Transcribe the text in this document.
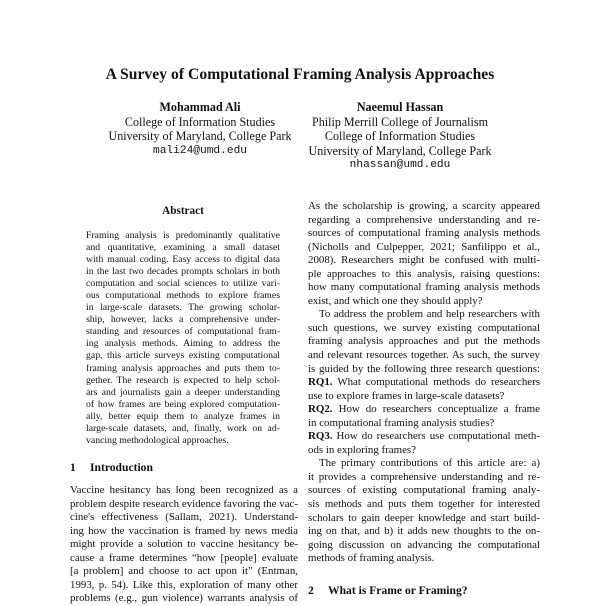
A Survey of Computational Framing Analysis Approaches
Mohammad Ali
College of Information Studies
University of Maryland, College Park
mali24@umd.edu
Naeemul Hassan
Philip Merrill College of Journalism
College of Information Studies
University of Maryland, College Park
nhassan@umd.edu
Abstract
Framing analysis is predominantly qualitative
and quantitative, examining a small dataset
with manual coding. Easy access to digital data
in the last two decades prompts scholars in both
computation and social sciences to utilize vari-
ous computational methods to explore frames
in large-scale datasets. The growing scholar-
ship, however, lacks a comprehensive under-
standing and resources of computational fram-
ing analysis methods. Aiming to address the
gap, this article surveys existing computational
framing analysis approaches and puts them to-
gether. The research is expected to help schol-
ars and journalists gain a deeper understanding
of how frames are being explored computation-
ally, better equip them to analyze frames in
large-scale datasets, and, finally, work on ad-
vancing methodological approaches.
1 Introduction
Vaccine hesitancy has long been recognized as a
problem despite research evidence favoring the vac-
cine's effectiveness (Sallam, 2021). Understand-
ing how the vaccination is framed by news media
might provide a solution to vaccine hesitancy be-
cause a frame determines “how [people] evaluate
[a problem] and choose to act upon it” (Entman,
1993, p. 54). Like this, exploration of many other
problems (e.g., gun violence) warrants analysis of
As the scholarship is growing, a scarcity appeared
regarding a comprehensive understanding and re-
sources of computational framing analysis methods
(Nicholls and Culpepper, 2021; Sanfilippo et al.,
2008). Researchers might be confused with multi-
ple approaches to this analysis, raising questions:
how many computational framing analysis methods
exist, and which one they should apply?
To address the problem and help researchers with
such questions, we survey existing computational
framing analysis approaches and put the methods
and relevant resources together. As such, the survey
is guided by the following three research questions:
RQ1. What computational methods do researchers
use to explore frames in large-scale datasets?
RQ2. How do researchers conceptualize a frame
in computational framing analysis studies?
RQ3. How do researchers use computational meth-
ods in exploring frames?
The primary contributions of this article are: a)
it provides a comprehensive understanding and re-
sources of existing computational framing analy-
sis methods and puts them together for interested
scholars to gain deeper knowledge and start build-
ing on that, and b) it adds new thoughts to the on-
going discussion on advancing the computational
methods of framing analysis.
2 What is Frame or Framing?
